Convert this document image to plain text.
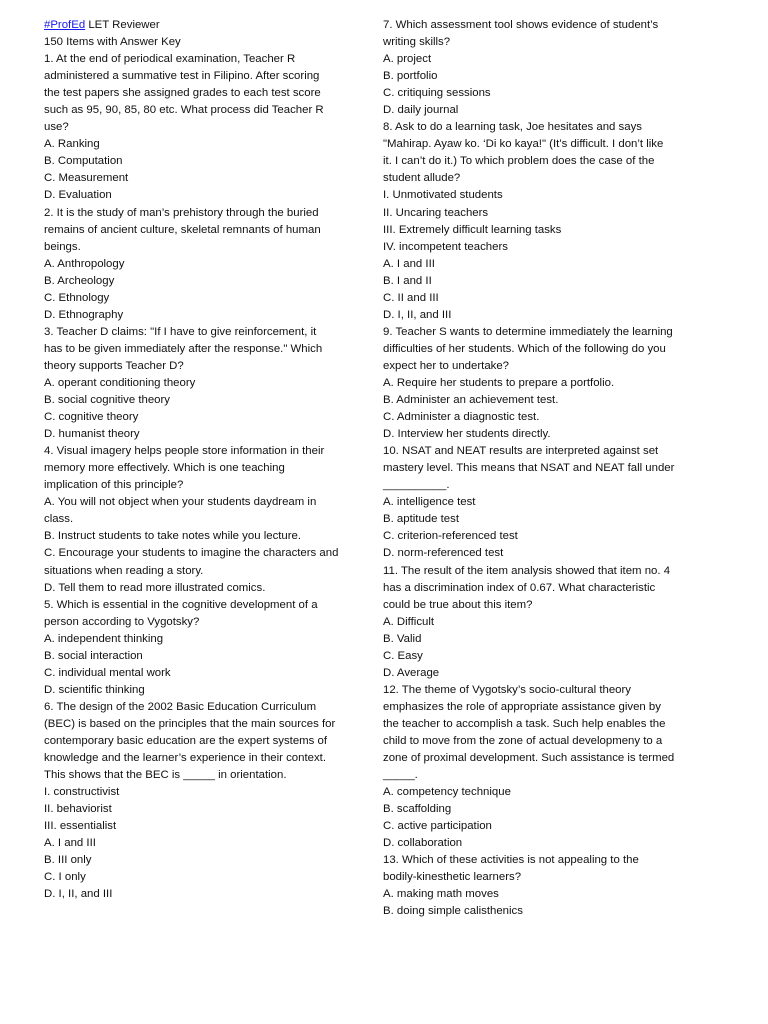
#ProfEd LET Reviewer
150 Items with Answer Key
1. At the end of periodical examination, Teacher R
administered a summative test in Filipino. After scoring
the test papers she assigned grades to each test score
such as 95, 90, 85, 80 etc. What process did Teacher R
use?
A. Ranking
B. Computation
C. Measurement
D. Evaluation
2. It is the study of man’s prehistory through the buried
remains of ancient culture, skeletal remnants of human
beings.
A. Anthropology
B. Archeology
C. Ethnology
D. Ethnography
3. Teacher D claims: "If I have to give reinforcement, it
has to be given immediately after the response." Which
theory supports Teacher D?
A. operant conditioning theory
B. social cognitive theory
C. cognitive theory
D. humanist theory
4. Visual imagery helps people store information in their
memory more effectively. Which is one teaching
implication of this principle?
A. You will not object when your students daydream in
class.
B. Instruct students to take notes while you lecture.
C. Encourage your students to imagine the characters and
situations when reading a story.
D. Tell them to read more illustrated comics.
5. Which is essential in the cognitive development of a
person according to Vygotsky?
A. independent thinking
B. social interaction
C. individual mental work
D. scientific thinking
6. The design of the 2002 Basic Education Curriculum
(BEC) is based on the principles that the main sources for
contemporary basic education are the expert systems of
knowledge and the learner’s experience in their context.
This shows that the BEC is _____ in orientation.
I. constructivist
II. behaviorist
III. essentialist
A. I and III
B. III only
C. I only
D. I, II, and III
7. Which assessment tool shows evidence of student’s
writing skills?
A. project
B. portfolio
C. critiquing sessions
D. daily journal
8. Ask to do a learning task, Joe hesitates and says
"Mahirap. Ayaw ko. ‘Di ko kaya!" (It’s difficult. I don’t like
it. I can’t do it.) To which problem does the case of the
student allude?
I. Unmotivated students
II. Uncaring teachers
III. Extremely difficult learning tasks
IV. incompetent teachers
A. I and III
B. I and II
C. II and III
D. I, II, and III
9. Teacher S wants to determine immediately the learning
difficulties of her students. Which of the following do you
expect her to undertake?
A. Require her students to prepare a portfolio.
B. Administer an achievement test.
C. Administer a diagnostic test.
D. Interview her students directly.
10. NSAT and NEAT results are interpreted against set
mastery level. This means that NSAT and NEAT fall under
__________.
A. intelligence test
B. aptitude test
C. criterion-referenced test
D. norm-referenced test
11. The result of the item analysis showed that item no. 4
has a discrimination index of 0.67. What characteristic
could be true about this item?
A. Difficult
B. Valid
C. Easy
D. Average
12. The theme of Vygotsky’s socio-cultural theory
emphasizes the role of appropriate assistance given by
the teacher to accomplish a task. Such help enables the
child to move from the zone of actual developmeny to a
zone of proximal development. Such assistance is termed
_____.
A. competency technique
B. scaffolding
C. active participation
D. collaboration
13. Which of these activities is not appealing to the
bodily-kinesthetic learners?
A. making math moves
B. doing simple calisthenics
